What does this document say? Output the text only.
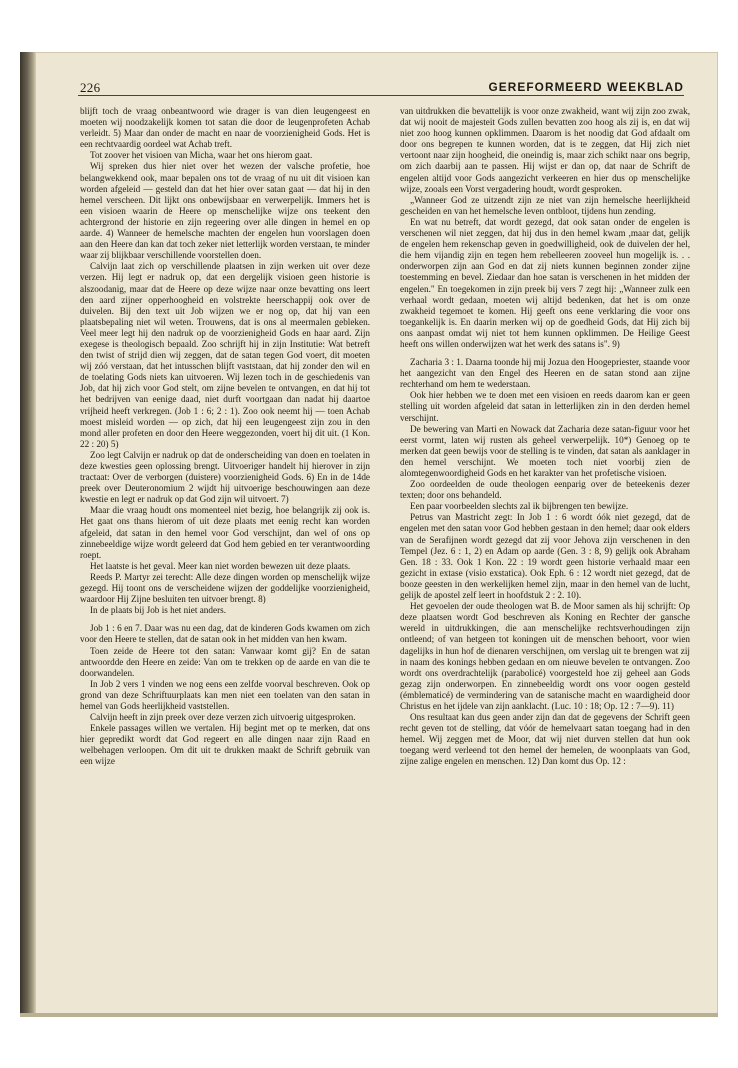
226	GEREFORMEERD WEEKBLAD

blijft toch de vraag onbeantwoord wie drager is van dien leugengeest en moeten wij noodzakelijk komen tot satan die door de leugenprofeten Achab verleidt. 5) Maar dan onder de macht en naar de voorzienigheid Gods. Het is een rechtvaardig oordeel wat Achab treft.

Tot zoover het visioen van Micha, waar het ons hierom gaat.

Wij spreken dus hier niet over het wezen der valsche profetie, hoe belangwekkend ook, maar bepalen ons tot de vraag of nu uit dit visioen kan worden afgeleid — gesteld dan dat het hier over satan gaat — dat hij in den hemel verscheen. Dit lijkt ons onbewijsbaar en verwerpelijk. Immers het is een visioen waarin de Heere op menschelijke wijze ons teekent den achtergrond der historie en zijn regeering over alle dingen in hemel en op aarde. 4) Wanneer de hemelsche machten der engelen hun voorslagen doen aan den Heere dan kan dat toch zeker niet letterlijk worden verstaan, te minder waar zij blijkbaar verschillende voorstellen doen.

Calvijn laat zich op verschillende plaatsen in zijn werken uit over deze verzen. Hij legt er nadruk op, dat een dergelijk visioen geen historie is alszoodanig, maar dat de Heere op deze wijze naar onze bevatting ons leert den aard zijner opperhoogheid en volstrekte heerschappij ook over de duivelen. Bij den text uit Job wijzen we er nog op, dat hij van een plaatsbepaling niet wil weten. Trouwens, dat is ons al meermalen gebleken. Veel meer legt hij den nadruk op de voorzienigheid Gods en haar aard. Zijn exegese is theologisch bepaald. Zoo schrijft hij in zijn Institutie: Wat betreft den twist of strijd dien wij zeggen, dat de satan tegen God voert, dit moeten wij zóó verstaan, dat het intusschen blijft vaststaan, dat hij zonder den wil en de toelating Gods niets kan uitvoeren. Wij lezen toch in de geschiedenis van Job, dat hij zich voor God stelt, om zijne bevelen te ontvangen, en dat hij tot het bedrijven van eenige daad, niet durft voortgaan dan nadat hij daartoe vrijheid heeft verkregen. (Job 1 : 6; 2 : 1). Zoo ook neemt hij — toen Achab moest misleid worden — op zich, dat hij een leugengeest zijn zou in den mond aller profeten en door den Heere weggezonden, voert hij dit uit. (1 Kon. 22 : 20) 5)

Zoo legt Calvijn er nadruk op dat de onderscheiding van doen en toelaten in deze kwesties geen oplossing brengt. Uitvoeriger handelt hij hierover in zijn tractaat: Over de verborgen (duistere) voorzienigheid Gods. 6) En in de 14de preek over Deuteronomium 2 wijdt hij uitvoerige beschouwingen aan deze kwestie en legt er nadruk op dat God zijn wil uitvoert. 7)

Maar die vraag houdt ons momenteel niet bezig, hoe belangrijk zij ook is. Het gaat ons thans hierom of uit deze plaats met eenig recht kan worden afgeleid, dat satan in den hemel voor God verschijnt, dan wel of ons op zinnebeeldige wijze wordt geleerd dat God hem gebied en ter verantwoording roept.

Het laatste is het geval. Meer kan niet worden bewezen uit deze plaats.

Reeds P. Martyr zei terecht: Alle deze dingen worden op menschelijk wijze gezegd. Hij toont ons de verscheidene wijzen der goddelijke voorzienigheid, waardoor Hij Zijne besluiten ten uitvoer brengt. 8)

In de plaats bij Job is het niet anders.

Job 1 : 6 en 7. Daar was nu een dag, dat de kinderen Gods kwamen om zich voor den Heere te stellen, dat de satan ook in het midden van hen kwam.

Toen zeide de Heere tot den satan: Vanwaar komt gij? En de satan antwoordde den Heere en zeide: Van om te trekken op de aarde en van die te doorwandelen.

In Job 2 vers 1 vinden we nog eens een zelfde voorval beschreven. Ook op grond van deze Schriftuurplaats kan men niet een toelaten van den satan in hemel van Gods heerlijkheid vaststellen.

Calvijn heeft in zijn preek over deze verzen zich uitvoerig uitgesproken.

Enkele passages willen we vertalen. Hij begint met op te merken, dat ons hier gepredikt wordt dat God regeert en alle dingen naar zijn Raad en welbehagen verloopen. Om dit uit te drukken maakt de Schrift gebruik van een wijze

van uitdrukken die bevattelijk is voor onze zwakheid, want wij zijn zoo zwak, dat wij nooit de majesteit Gods zullen bevatten zoo hoog als zij is, en dat wij niet zoo hoog kunnen opklimmen. Daarom is het noodig dat God afdaalt om door ons begrepen te kunnen worden, dat is te zeggen, dat Hij zich niet vertoont naar zijn hoogheid, die oneindig is, maar zich schikt naar ons begrip, om zich daarbij aan te passen. Hij wijst er dan op, dat naar de Schrift de engelen altijd voor Gods aangezicht verkeeren en hier dus op menschelijke wijze, zooals een Vorst vergadering houdt, wordt gesproken.

„Wanneer God ze uitzendt zijn ze niet van zijn hemelsche heerlijkheid gescheiden en van het hemelsche leven ontbloot, tijdens hun zending.

En wat nu betreft, dat wordt gezegd, dat ook satan onder de engelen is verschenen wil niet zeggen, dat hij dus in den hemel kwam ,maar dat, gelijk de engelen hem rekenschap geven in goedwilligheid, ook de duivelen der hel, die hem vijandig zijn en tegen hem rebelleeren zooveel hun mogelijk is. . . onderworpen zijn aan God en dat zij niets kunnen beginnen zonder zijne toestemming en bevel. Ziedaar dan hoe satan is verschenen in het midden der engelen." En toegekomen in zijn preek bij vers 7 zegt hij: „Wanneer zulk een verhaal wordt gedaan, moeten wij altijd bedenken, dat het is om onze zwakheid tegemoet te komen. Hij geeft ons eene verklaring die voor ons toegankelijk is. En daarin merken wij op de goedheid Gods, dat Hij zich bij ons aanpast omdat wij niet tot hem kunnen opklimmen. De Heilige Geest heeft ons willen onderwijzen wat het werk des satans is". 9)

Zacharia 3 : 1. Daarna toonde hij mij Jozua den Hoogepriester, staande voor het aangezicht van den Engel des Heeren en de satan stond aan zijne rechterhand om hem te wederstaan.

Ook hier hebben we te doen met een visioen en reeds daarom kan er geen stelling uit worden afgeleid dat satan in letterlijken zin in den derden hemel verschijnt.

De bewering van Marti en Nowack dat Zacharia deze satan-figuur voor het eerst vormt, laten wij rusten als geheel verwerpelijk. 10*) Genoeg op te merken dat geen bewijs voor de stelling is te vinden, dat satan als aanklager in den hemel verschijnt. We moeten toch niet voorbij zien de alomtegenwoordigheid Gods en het karakter van het profetische visioen.

Zoo oordeelden de oude theologen eenparig over de beteekenis dezer texten; door ons behandeld.

Een paar voorbeelden slechts zal ik bijbrengen ten bewijze.

Petrus van Mastricht zegt: In Job 1 : 6 wordt óók niet gezegd, dat de engelen met den satan voor God hebben gestaan in den hemel; daar ook elders van de Serafijnen wordt gezegd dat zij voor Jehova zijn verschenen in den Tempel (Jez. 6 : 1, 2) en Adam op aarde (Gen. 3 : 8, 9) gelijk ook Abraham Gen. 18 : 33. Ook 1 Kon. 22 : 19 wordt geen historie verhaald maar een gezicht in extase (visio exstatica). Ook Eph. 6 : 12 wordt niet gezegd, dat de booze geesten in den werkelijken hemel zijn, maar in den hemel van de lucht, gelijk de apostel zelf leert in hoofdstuk 2 : 2. 10).

Het gevoelen der oude theologen wat B. de Moor samen als hij schrijft: Op deze plaatsen wordt God beschreven als Koning en Rechter der gansche wereld in uitdrukkingen, die aan menschelijke rechtsverhoudingen zijn ontleend; of van hetgeen tot koningen uit de menschen behoort, voor wien dagelijks in hun hof de dienaren verschijnen, om verslag uit te brengen wat zij in naam des konings hebben gedaan en om nieuwe bevelen te ontvangen. Zoo wordt ons overdrachtelijk (parabolicé) voorgesteld hoe zij geheel aan Gods gezag zijn onderworpen. En zinnebeeldig wordt ons voor oogen gesteld (émblematicé) de vermindering van de satanische macht en waardigheid door Christus en het ijdele van zijn aanklacht. (Luc. 10 : 18; Op. 12 : 7—9). 11)

Ons resultaat kan dus geen ander zijn dan dat de gegevens der Schrift geen recht geven tot de stelling, dat vóór de hemelvaart satan toegang had in den hemel. Wij zeggen met de Moor, dat wij niet durven stellen dat hun ook toegang werd verleend tot den hemel der hemelen, de woonplaats van God, zijne zalige engelen en menschen. 12) Dan komt dus Op. 12 :
